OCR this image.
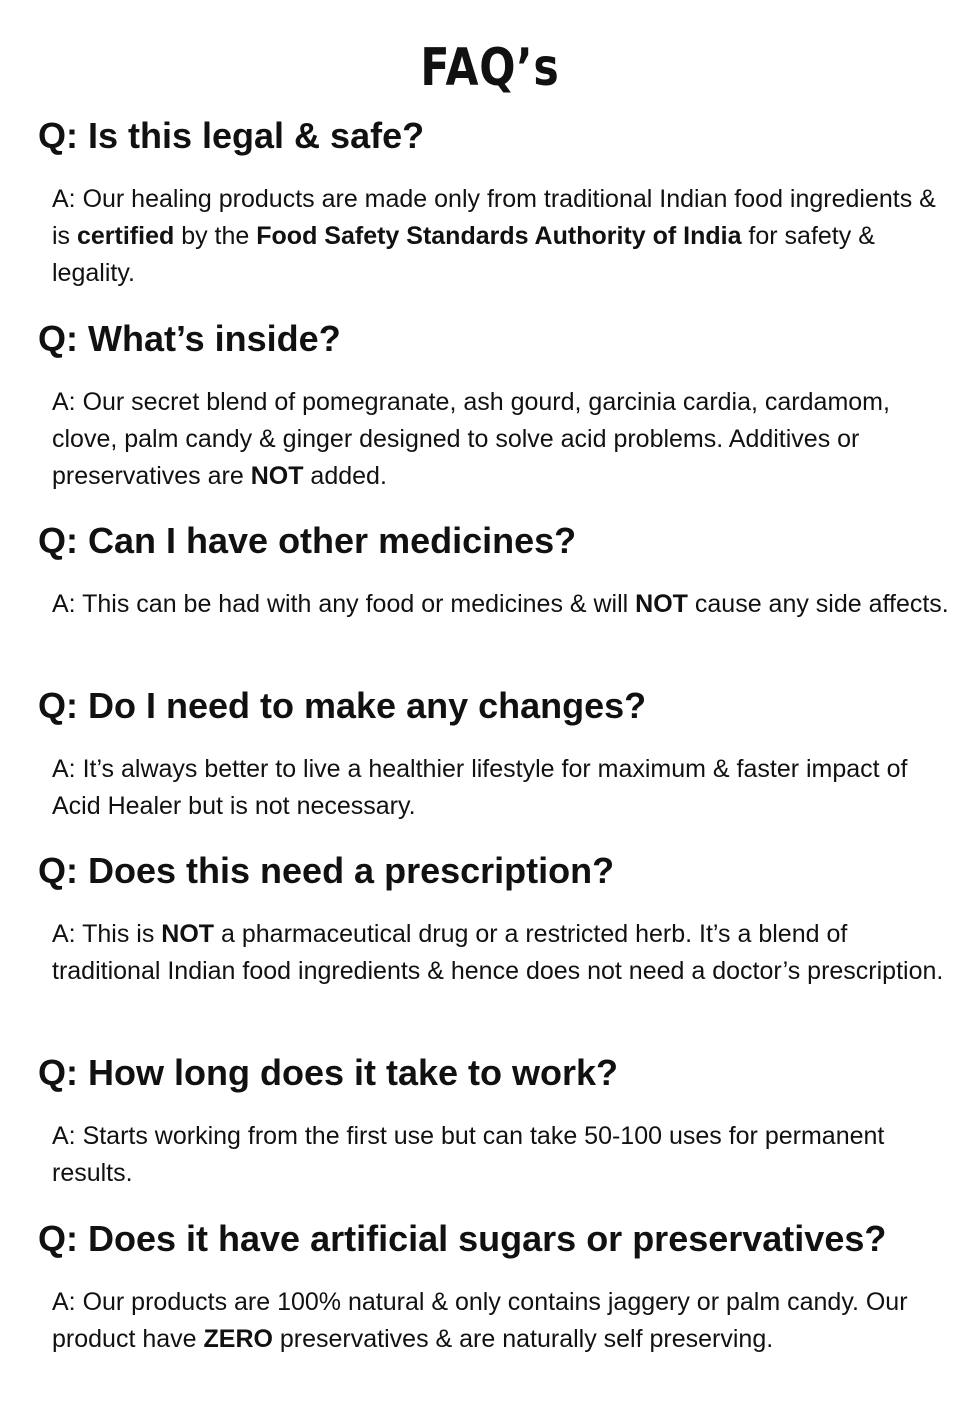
FAQ’s
Q: Is this legal & safe?

A: Our healing products are made only from traditional Indian food ingredients & is certified by the Food Safety Standards Authority of India for safety & legality.

Q: What’s inside?

A: Our secret blend of pomegranate, ash gourd, garcinia cardia, cardamom, clove, palm candy & ginger designed to solve acid problems. Additives or preservatives are NOT added.

Q: Can I have other medicines?

A: This can be had with any food or medicines & will NOT cause any side affects.

Q: Do I need to make any changes?

A: It’s always better to live a healthier lifestyle for maximum & faster impact of Acid Healer but is not necessary.

Q: Does this need a prescription?

A: This is NOT a pharmaceutical drug or a restricted herb. It’s a blend of traditional Indian food ingredients & hence does not need a doctor’s prescription.

Q: How long does it take to work?

A: Starts working from the first use but can take 50-100 uses for permanent results.

Q: Does it have artificial sugars or preservatives?

A: Our products are 100% natural & only contains jaggery or palm candy. Our product have ZERO preservatives & are naturally self preserving.
